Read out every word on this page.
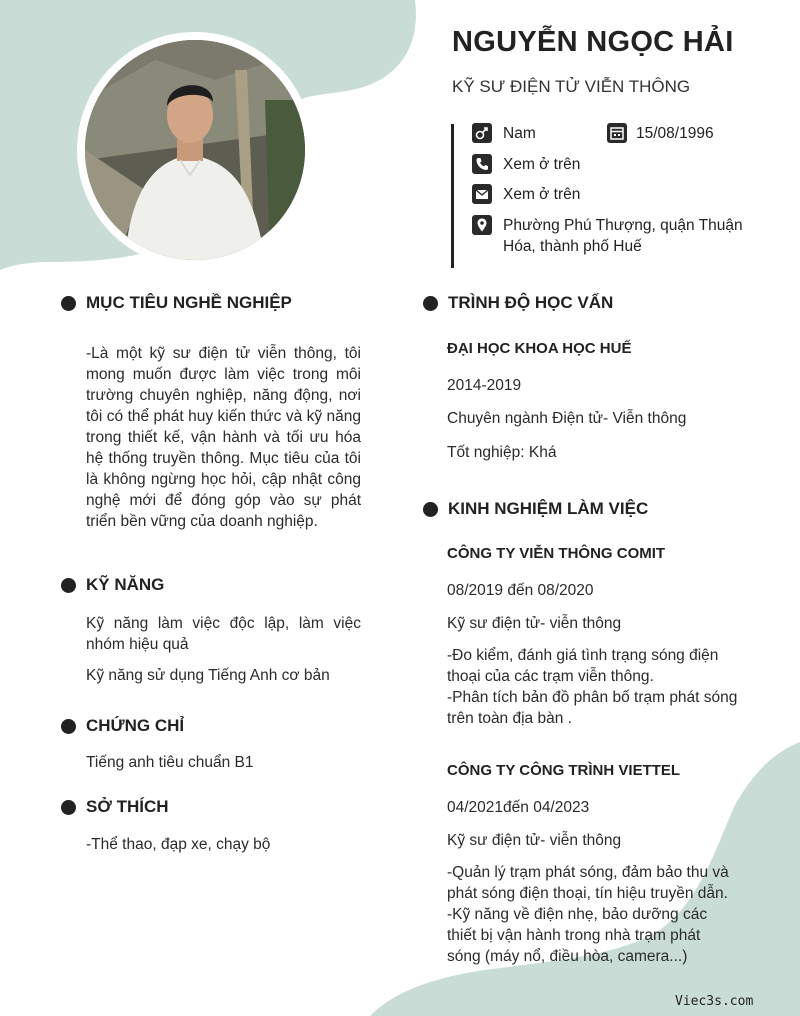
NGUYỄN NGỌC HẢI
KỸ SƯ ĐIỆN TỬ VIỄN THÔNG
Nam	15/08/1996
Xem ở trên
Xem ở trên
Phường Phú Thượng, quận Thuận
Hóa, thành phố Huế
MỤC TIÊU NGHỀ NGHIỆP
-Là một kỹ sư điện tử viễn thông, tôi mong muốn được làm việc trong môi trường chuyên nghiệp, năng động, nơi tôi có thể phát huy kiến thức và kỹ năng trong thiết kế, vận hành và tối ưu hóa hệ thống truyền thông. Mục tiêu của tôi là không ngừng học hỏi, cập nhật công nghệ mới để đóng góp vào sự phát triển bền vững của doanh nghiệp.
KỸ NĂNG
Kỹ năng làm việc độc lập, làm việc nhóm hiệu quả
Kỹ năng sử dụng Tiếng Anh cơ bản
CHỨNG CHỈ
Tiếng anh tiêu chuẩn B1
SỞ THÍCH
-Thể thao, đạp xe, chạy bộ
TRÌNH ĐỘ HỌC VẤN
ĐẠI HỌC KHOA HỌC HUẾ
2014-2019
Chuyên ngành Điện tử- Viễn thông
Tốt nghiệp: Khá
KINH NGHIỆM LÀM VIỆC
CÔNG TY VIỄN THÔNG COMIT
08/2019 đến 08/2020
Kỹ sư điện tử- viễn thông
-Đo kiểm, đánh giá tình trạng sóng điện thoại của các trạm viễn thông.
-Phân tích bản đồ phân bố trạm phát sóng trên toàn địa bàn .
CÔNG TY CÔNG TRÌNH VIETTEL
04/2021đến 04/2023
Kỹ sư điện tử- viễn thông
-Quản lý trạm phát sóng, đảm bảo thu và phát sóng điện thoại, tín hiệu truyền dẫn.
-Kỹ năng về điện nhẹ, bảo dưỡng các thiết bị vận hành trong nhà trạm phát sóng (máy nổ, điều hòa, camera...)
Viec3s.com
